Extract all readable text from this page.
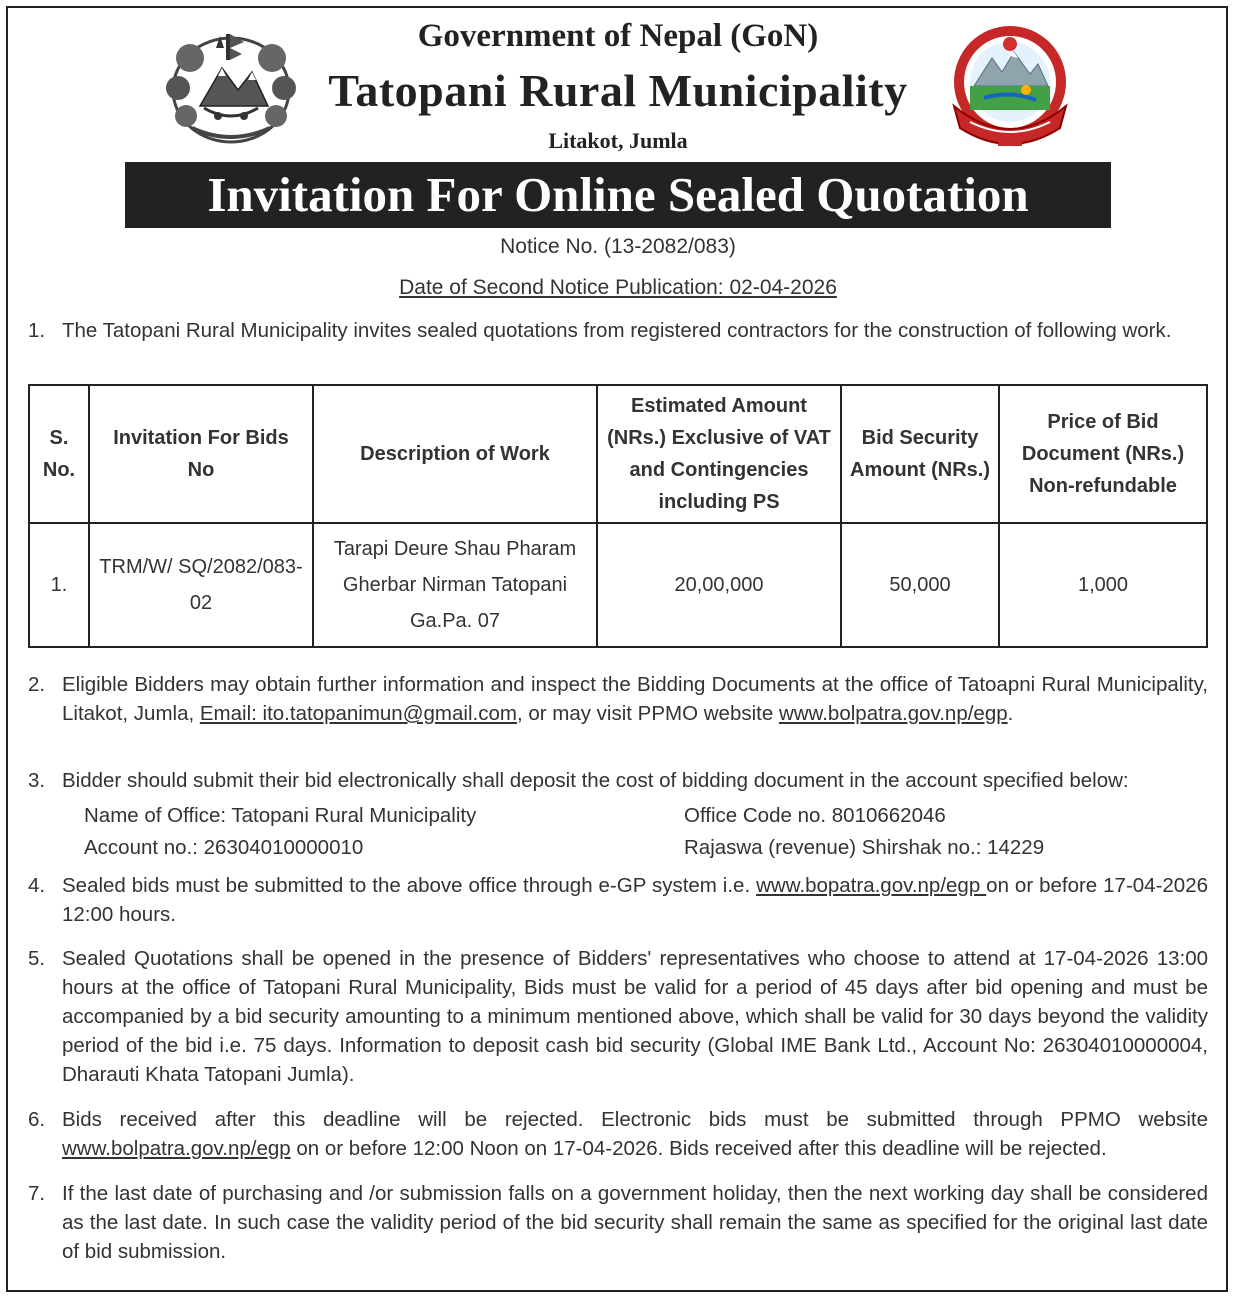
Government of Nepal (GoN)
Tatopani Rural Municipality
Litakot, Jumla
Invitation For Online Sealed Quotation
Notice No. (13-2082/083)
Date of Second Notice Publication: 02-04-2026
1. The Tatopani Rural Municipality invites sealed quotations from registered contractors for the construction of following work.
S. No.	Invitation For Bids No	Description of Work	Estimated Amount (NRs.) Exclusive of VAT and Contingencies including PS	Bid Security Amount (NRs.)	Price of Bid Document (NRs.) Non-refundable
1.	TRM/W/ SQ/2082/083-02	Tarapi Deure Shau Pharam Gherbar Nirman Tatopani Ga.Pa. 07	20,00,000	50,000	1,000
2. Eligible Bidders may obtain further information and inspect the Bidding Documents at the office of Tatoapni Rural Municipality, Litakot, Jumla, Email: ito.tatopanimun@gmail.com, or may visit PPMO website www.bolpatra.gov.np/egp.
3. Bidder should submit their bid electronically shall deposit the cost of bidding document in the account specified below:
Name of Office: Tatopani Rural Municipality	Office Code no. 8010662046
Account no.: 26304010000010	Rajaswa (revenue) Shirshak no.: 14229
4. Sealed bids must be submitted to the above office through e-GP system i.e. www.bopatra.gov.np/egp on or before 17-04-2026 12:00 hours.
5. Sealed Quotations shall be opened in the presence of Bidders' representatives who choose to attend at 17-04-2026 13:00 hours at the office of Tatopani Rural Municipality, Bids must be valid for a period of 45 days after bid opening and must be accompanied by a bid security amounting to a minimum mentioned above, which shall be valid for 30 days beyond the validity period of the bid i.e. 75 days. Information to deposit cash bid security (Global IME Bank Ltd., Account No: 26304010000004, Dharauti Khata Tatopani Jumla).
6. Bids received after this deadline will be rejected. Electronic bids must be submitted through PPMO website www.bolpatra.gov.np/egp on or before 12:00 Noon on 17-04-2026. Bids received after this deadline will be rejected.
7. If the last date of purchasing and /or submission falls on a government holiday, then the next working day shall be considered as the last date. In such case the validity period of the bid security shall remain the same as specified for the original last date of bid submission.
